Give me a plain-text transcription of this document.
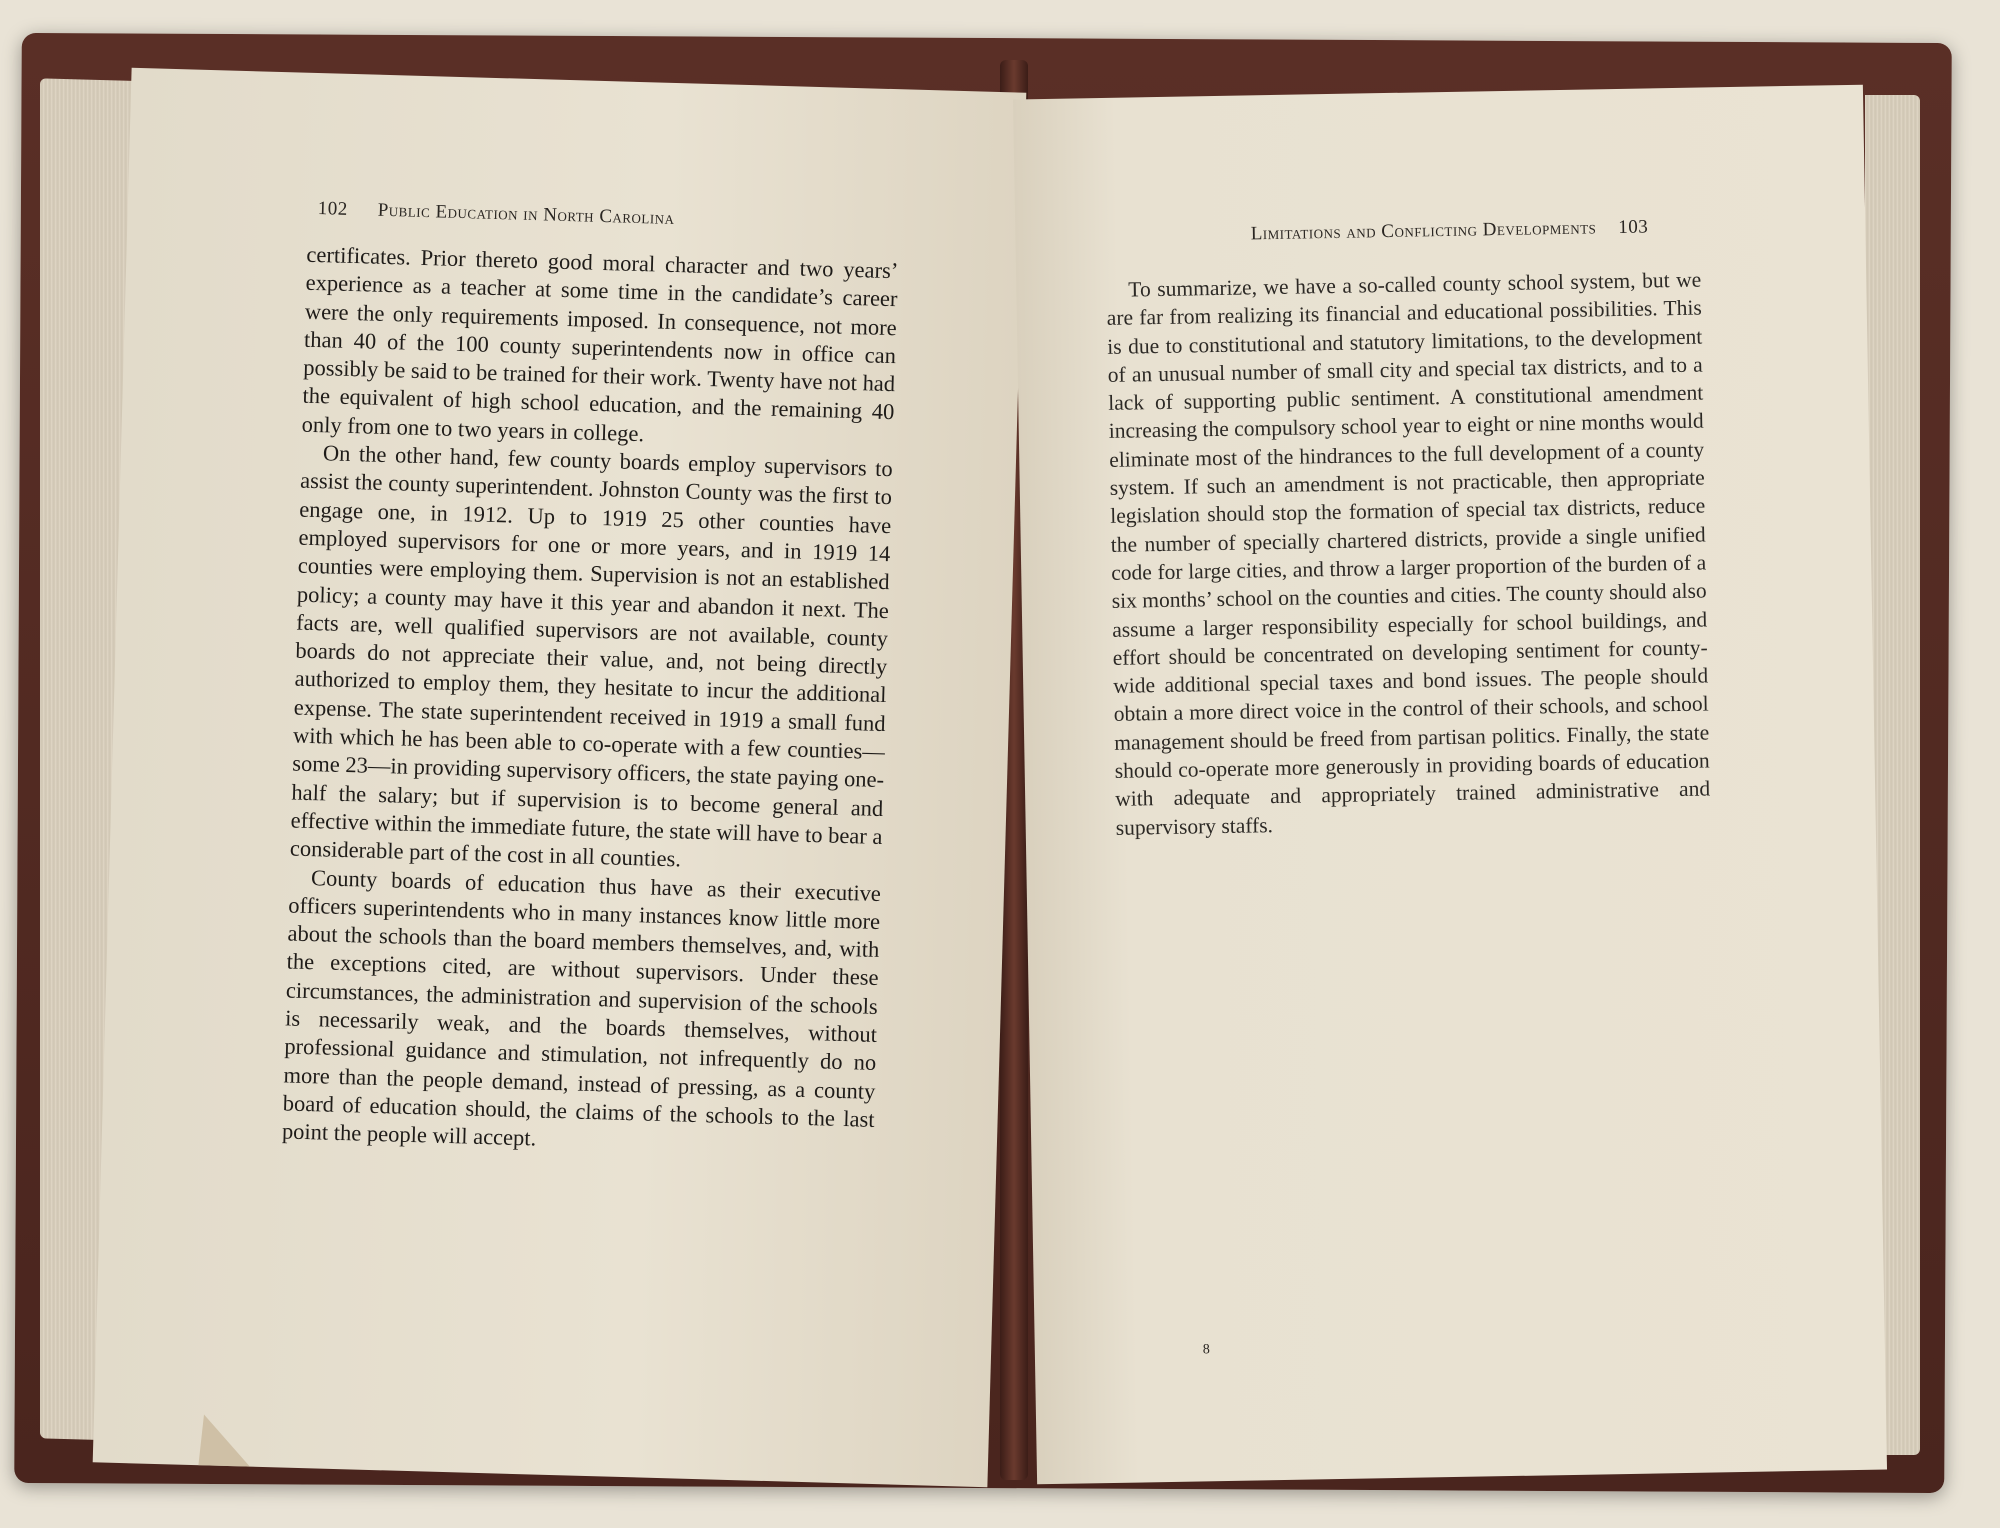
102 Public Education in North Carolina

certificates. Prior thereto good moral character and two years’ experience as a teacher at some time in the candidate’s career were the only requirements imposed. In consequence, not more than 40 of the 100 county superintendents now in office can possibly be said to be trained for their work. Twenty have not had the equivalent of high school education, and the remaining 40 only from one to two years in college.

On the other hand, few county boards employ supervisors to assist the county superintendent. Johnston County was the first to engage one, in 1912. Up to 1919 25 other counties have employed supervisors for one or more years, and in 1919 14 counties were employing them. Supervision is not an established policy; a county may have it this year and abandon it next. The facts are, well qualified supervisors are not available, county boards do not appreciate their value, and, not being directly authorized to employ them, they hesitate to incur the additional expense. The state superintendent received in 1919 a small fund with which he has been able to co-operate with a few counties—some 23—in providing supervisory officers, the state paying one-half the salary; but if supervision is to become general and effective within the immediate future, the state will have to bear a considerable part of the cost in all counties.

County boards of education thus have as their executive officers superintendents who in many instances know little more about the schools than the board members themselves, and, with the exceptions cited, are without supervisors. Under these circumstances, the administration and supervision of the schools is necessarily weak, and the boards themselves, without professional guidance and stimulation, not infrequently do no more than the people demand, instead of pressing, as a county board of education should, the claims of the schools to the last point the people will accept.

Limitations and Conflicting Developments 103

To summarize, we have a so-called county school system, but we are far from realizing its financial and educational possibilities. This is due to constitutional and statutory limitations, to the development of an unusual number of small city and special tax districts, and to a lack of supporting public sentiment. A constitutional amendment increasing the compulsory school year to eight or nine months would eliminate most of the hindrances to the full development of a county system. If such an amendment is not practicable, then appropriate legislation should stop the formation of special tax districts, reduce the number of specially chartered districts, provide a single unified code for large cities, and throw a larger proportion of the burden of a six months’ school on the counties and cities. The county should also assume a larger responsibility especially for school buildings, and effort should be concentrated on developing sentiment for county-wide additional special taxes and bond issues. The people should obtain a more direct voice in the control of their schools, and school management should be freed from partisan politics. Finally, the state should co-operate more generously in providing boards of education with adequate and appropriately trained administrative and supervisory staffs.

8
